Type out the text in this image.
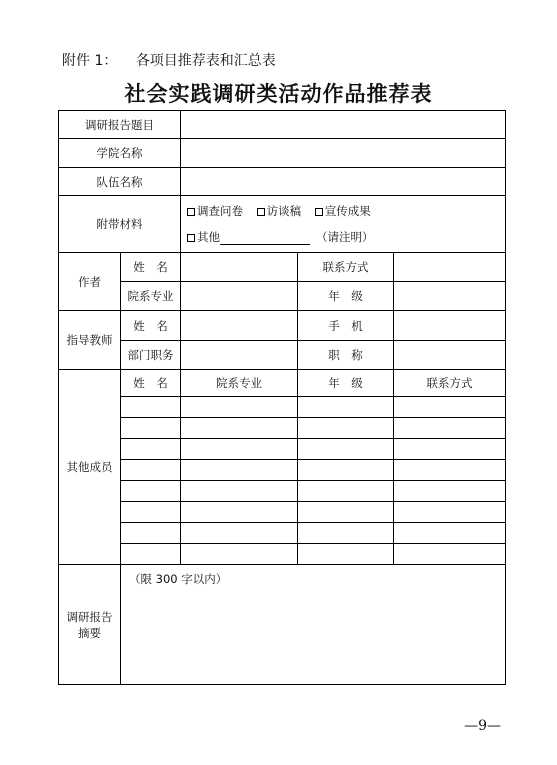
附件 1： 各项目推荐表和汇总表
社会实践调研类活动作品推荐表
调研报告题目				
学院名称				
队伍名称				
附带材料		调查问卷 访谈稿 宣传成果
其他 （请注明）		

作者	姓　名		联系方式	
	院系专业		年　级	
指导教师	姓　名		手　机	
	部门职务		职　称	
其他成员	姓　名	院系专业	年　级	联系方式

调研报告
摘要	（限 300 字以内）			
—9—
